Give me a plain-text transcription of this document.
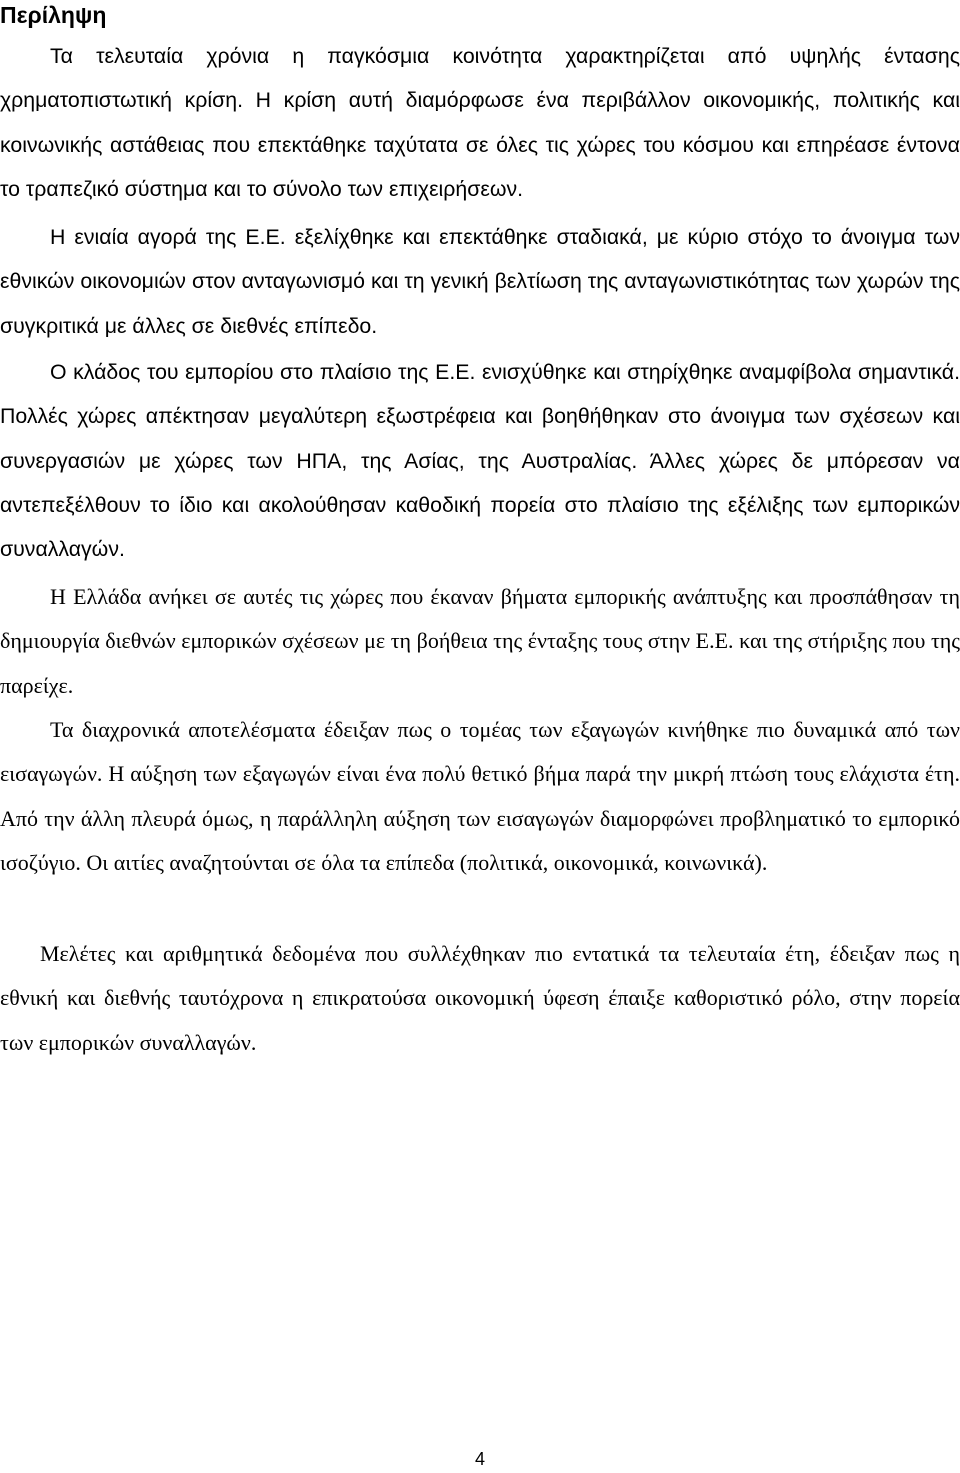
Περίληψη

Τα τελευταία χρόνια η παγκόσμια κοινότητα χαρακτηρίζεται από υψηλής έντασης χρηματοπιστωτική κρίση. Η κρίση αυτή διαμόρφωσε ένα περιβάλλον οικονομικής, πολιτικής και κοινωνικής αστάθειας που επεκτάθηκε ταχύτατα σε όλες τις χώρες του κόσμου και επηρέασε έντονα το τραπεζικό σύστημα και το σύνολο των επιχειρήσεων.

Η ενιαία αγορά της Ε.Ε. εξελίχθηκε και επεκτάθηκε σταδιακά, με κύριο στόχο το άνοιγμα των εθνικών οικονομιών στον ανταγωνισμό και τη γενική βελτίωση της ανταγωνιστικότητας των χωρών της συγκριτικά με άλλες σε διεθνές επίπεδο.

Ο κλάδος του εμπορίου στο πλαίσιο της Ε.Ε. ενισχύθηκε και στηρίχθηκε αναμφίβολα σημαντικά. Πολλές χώρες απέκτησαν μεγαλύτερη εξωστρέφεια και βοηθήθηκαν στο άνοιγμα των σχέσεων και συνεργασιών με χώρες των ΗΠΑ, της Ασίας, της Αυστραλίας. Άλλες χώρες δε μπόρεσαν να αντεπεξέλθουν το ίδιο και ακολούθησαν καθοδική πορεία στο πλαίσιο της εξέλιξης των εμπορικών συναλλαγών.

Η Ελλάδα ανήκει σε αυτές τις χώρες που έκαναν βήματα εμπορικής ανάπτυξης και προσπάθησαν τη δημιουργία διεθνών εμπορικών σχέσεων με τη βοήθεια της ένταξης τους στην Ε.Ε. και της στήριξης που της παρείχε.

Τα διαχρονικά αποτελέσματα έδειξαν πως ο τομέας των εξαγωγών κινήθηκε πιο δυναμικά από των εισαγωγών. Η αύξηση των εξαγωγών είναι ένα πολύ θετικό βήμα παρά την μικρή πτώση τους ελάχιστα έτη. Από την άλλη πλευρά όμως, η παράλληλη αύξηση των εισαγωγών διαμορφώνει προβληματικό το εμπορικό ισοζύγιο. Οι αιτίες αναζητούνται σε όλα τα επίπεδα (πολιτικά, οικονομικά, κοινωνικά).

Μελέτες και αριθμητικά δεδομένα που συλλέχθηκαν πιο εντατικά τα τελευταία έτη, έδειξαν πως η εθνική και διεθνής ταυτόχρονα η επικρατούσα οικονομική ύφεση έπαιξε καθοριστικό ρόλο, στην πορεία των εμπορικών συναλλαγών.

4
